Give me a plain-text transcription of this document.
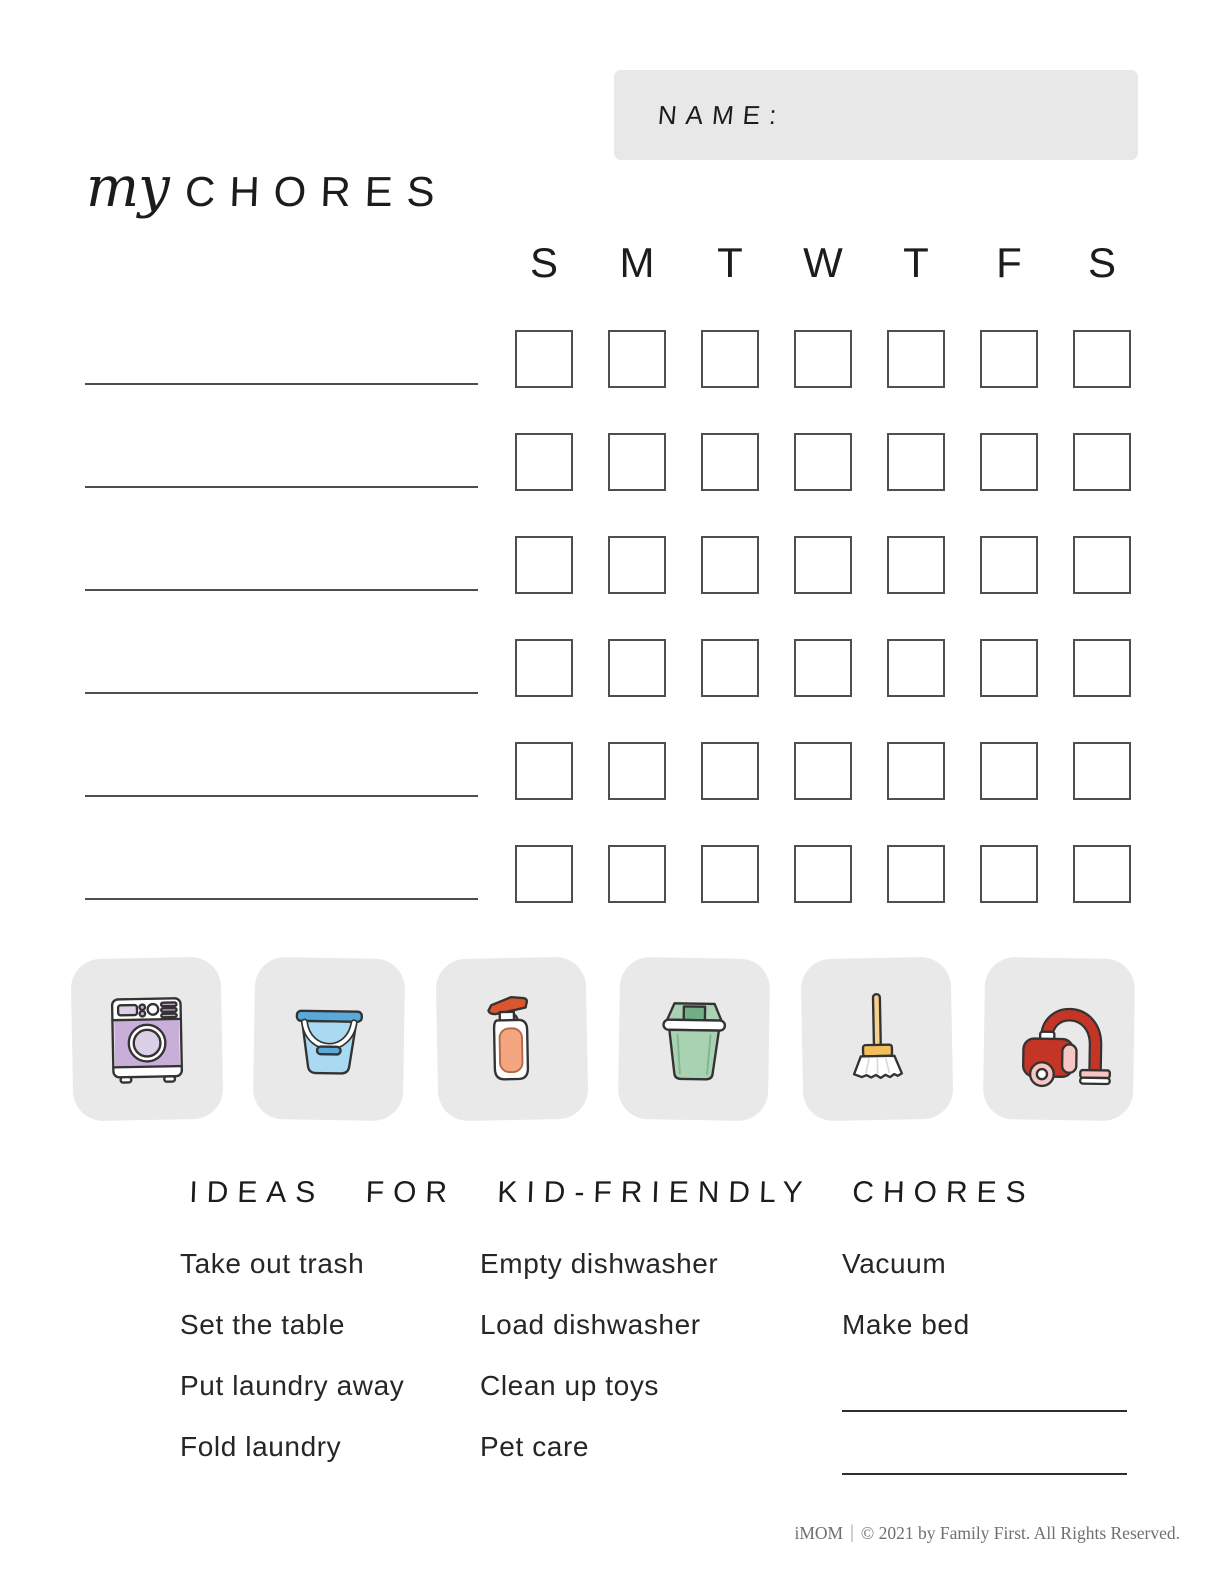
NAME:
my CHORES
S	M	T	W	T	F	S
IDEAS FOR KID-FRIENDLY CHORES
Take out trash
Set the table
Put laundry away
Fold laundry
Empty dishwasher
Load dishwasher
Clean up toys
Pet care
Vacuum
Make bed
iMOM | © 2021 by Family First. All Rights Reserved.
